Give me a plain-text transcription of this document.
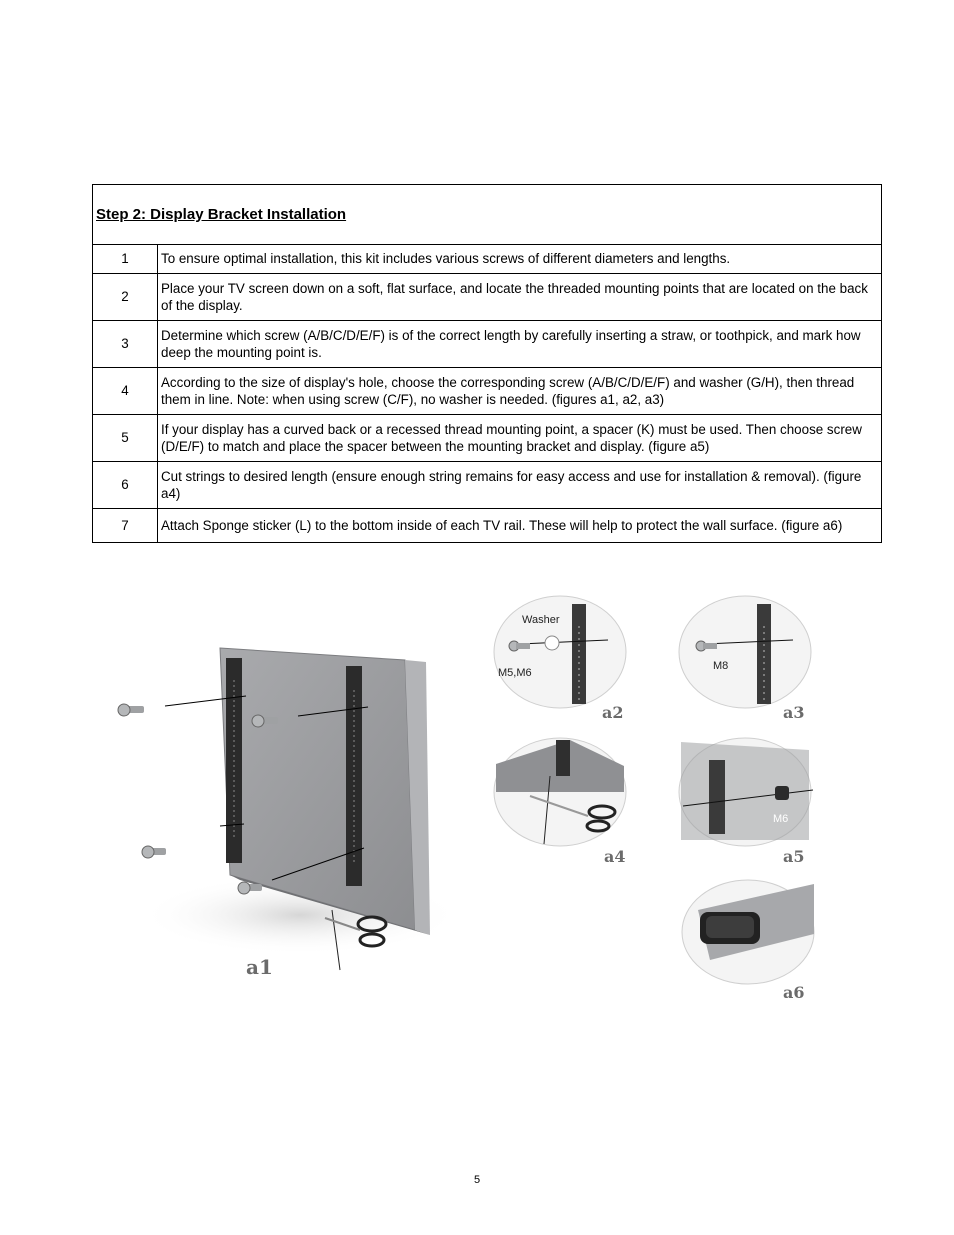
Step 2: Display Bracket Installation	
1	To ensure optimal installation, this kit includes various screws of different diameters and lengths.
2	Place your TV screen down on a soft, flat surface, and locate the threaded mounting points that are located on the back of the display.
3	Determine which screw (A/B/C/D/E/F) is of the correct length by carefully inserting a straw, or toothpick, and mark how deep the mounting point is.
4	According to the size of display's hole, choose the corresponding screw (A/B/C/D/E/F) and washer (G/H), then thread them in line. Note: when using screw (C/F), no washer is needed. (figures a1, a2, a3)
5	If your display has a curved back or a recessed thread mounting point, a spacer (K) must be used. Then choose screw (D/E/F) to match and place the spacer between the mounting bracket and display. (figure a5)
6	Cut strings to desired length (ensure enough string remains for easy access and use for installation & removal). (figure a4)
7	Attach Sponge sticker (L) to the bottom inside of each TV rail. These will help to protect the wall surface. (figure a6)
a1
Washer
M5,M6
a2
M8
a3
a4
M6
a5
a6
5
